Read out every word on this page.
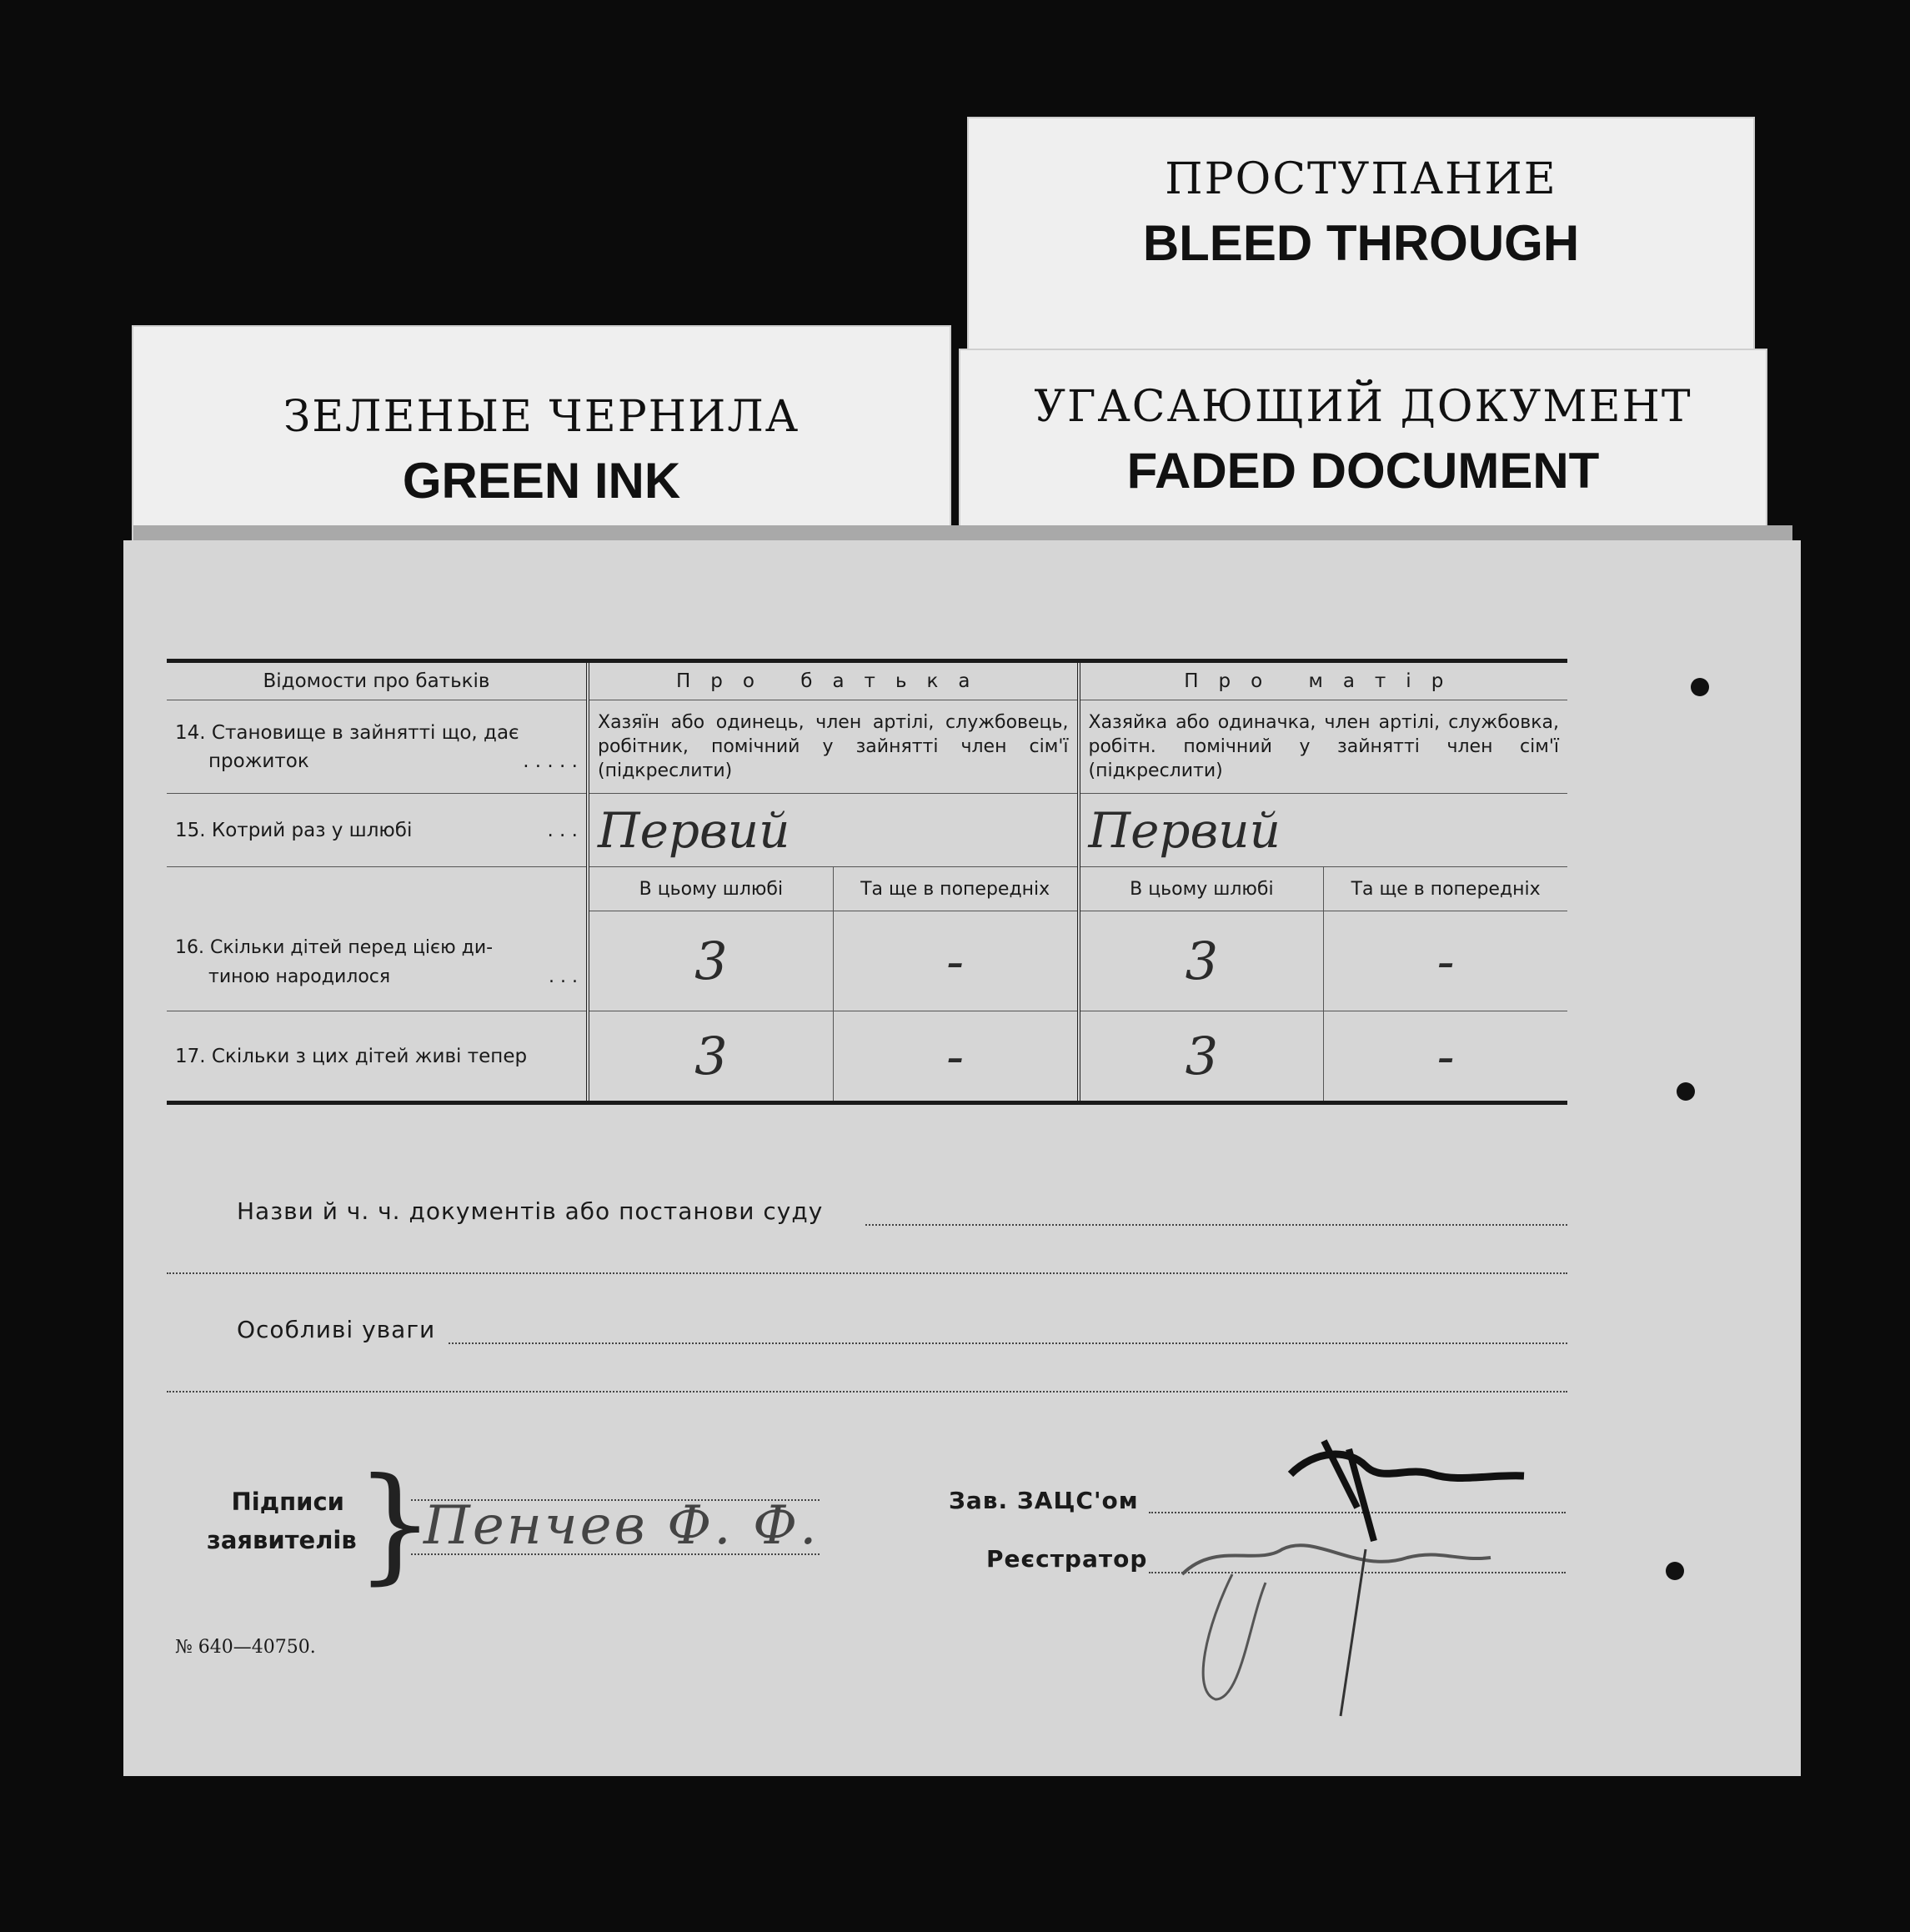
ПРОСТУПАНИЕ
BLEED THROUGH
УГАСАЮЩИЙ ДОКУМЕНТ
FADED DOCUMENT
ЗЕЛЕНЫЕ ЧЕРНИЛА
GREEN INK
Відомости про батьків	Про батька		Про матір	

14. Становище в зайнятті що, дає
прожиток . . . . .	Хазяїн або одинець, член артілі, службовець, робітник, помічний у зайнятті член сім'ї (підкреслити)		Хазяйка або одиначка, член артілі, службовка, робітн. помічний у зайнятті член сім'ї (підкреслити)	

15. Котрий раз у шлюбі . . .	Первий		Первий	

16. Скільки дітей перед цією ди-
тиною народилося . . .	В цьому шлюбі	Та ще в попередніх	В цьому шлюбі	Та ще в попередніх
	3	-	3	-
17. Скільки з цих дітей живі тепер	3	-	3	-
Назви й ч. ч. документів або постанови суду
Особливі уваги
Підписи
заявителів
}
Пенчев Ф. Ф.	Зав. ЗАЦС'ом
Реєстратор
№ 640—40750.
